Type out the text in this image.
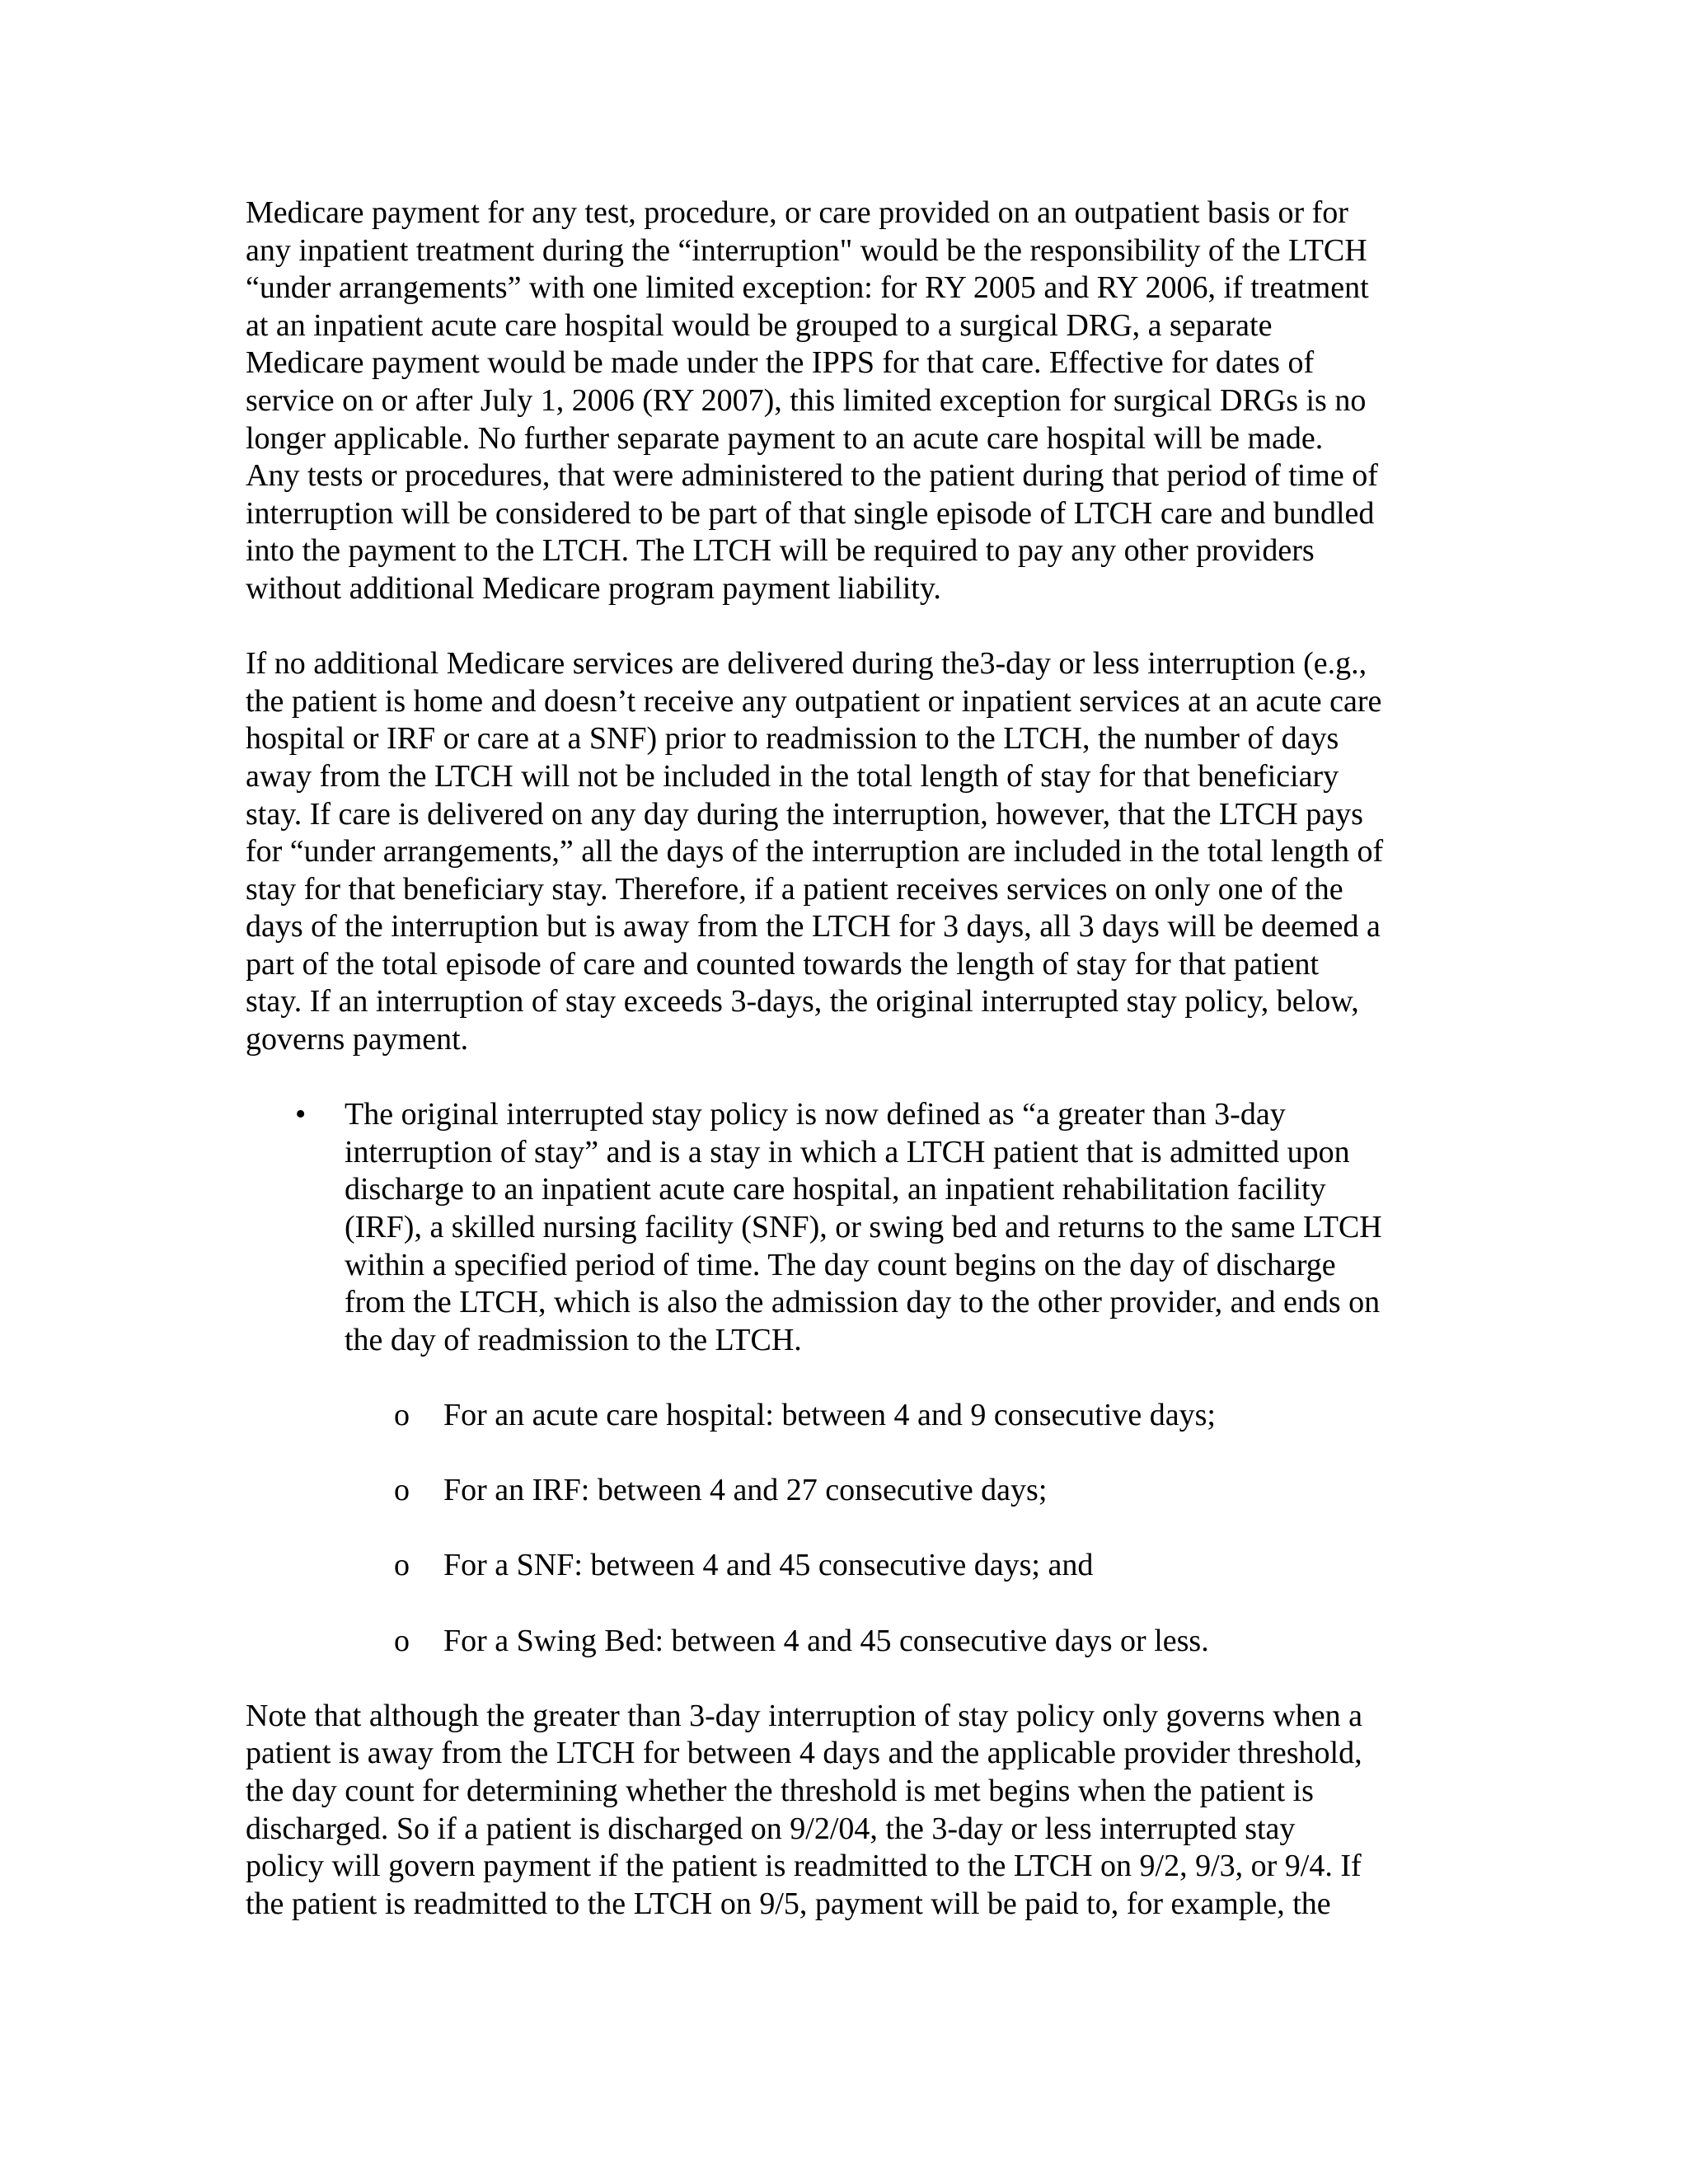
Medicare payment for any test, procedure, or care provided on an outpatient basis or for
any inpatient treatment during the “interruption" would be the responsibility of the LTCH
“under arrangements” with one limited exception: for RY 2005 and RY 2006, if treatment
at an inpatient acute care hospital would be grouped to a surgical DRG, a separate
Medicare payment would be made under the IPPS for that care. Effective for dates of
service on or after July 1, 2006 (RY 2007), this limited exception for surgical DRGs is no
longer applicable. No further separate payment to an acute care hospital will be made.
Any tests or procedures, that were administered to the patient during that period of time of
interruption will be considered to be part of that single episode of LTCH care and bundled
into the payment to the LTCH. The LTCH will be required to pay any other providers
without additional Medicare program payment liability.

If no additional Medicare services are delivered during the3-day or less interruption (e.g.,
the patient is home and doesn’t receive any outpatient or inpatient services at an acute care
hospital or IRF or care at a SNF) prior to readmission to the LTCH, the number of days
away from the LTCH will not be included in the total length of stay for that beneficiary
stay. If care is delivered on any day during the interruption, however, that the LTCH pays
for “under arrangements,” all the days of the interruption are included in the total length of
stay for that beneficiary stay. Therefore, if a patient receives services on only one of the
days of the interruption but is away from the LTCH for 3 days, all 3 days will be deemed a
part of the total episode of care and counted towards the length of stay for that patient
stay. If an interruption of stay exceeds 3-days, the original interrupted stay policy, below,
governs payment.

•	The original interrupted stay policy is now defined as “a greater than 3-day
interruption of stay” and is a stay in which a LTCH patient that is admitted upon
discharge to an inpatient acute care hospital, an inpatient rehabilitation facility
(IRF), a skilled nursing facility (SNF), or swing bed and returns to the same LTCH
within a specified period of time. The day count begins on the day of discharge
from the LTCH, which is also the admission day to the other provider, and ends on
the day of readmission to the LTCH.
o For an acute care hospital: between 4 and 9 consecutive days;
o For an IRF: between 4 and 27 consecutive days;
o For a SNF: between 4 and 45 consecutive days; and
o For a Swing Bed: between 4 and 45 consecutive days or less.

Note that although the greater than 3-day interruption of stay policy only governs when a
patient is away from the LTCH for between 4 days and the applicable provider threshold,
the day count for determining whether the threshold is met begins when the patient is
discharged. So if a patient is discharged on 9/2/04, the 3-day or less interrupted stay
policy will govern payment if the patient is readmitted to the LTCH on 9/2, 9/3, or 9/4. If
the patient is readmitted to the LTCH on 9/5, payment will be paid to, for example, the
